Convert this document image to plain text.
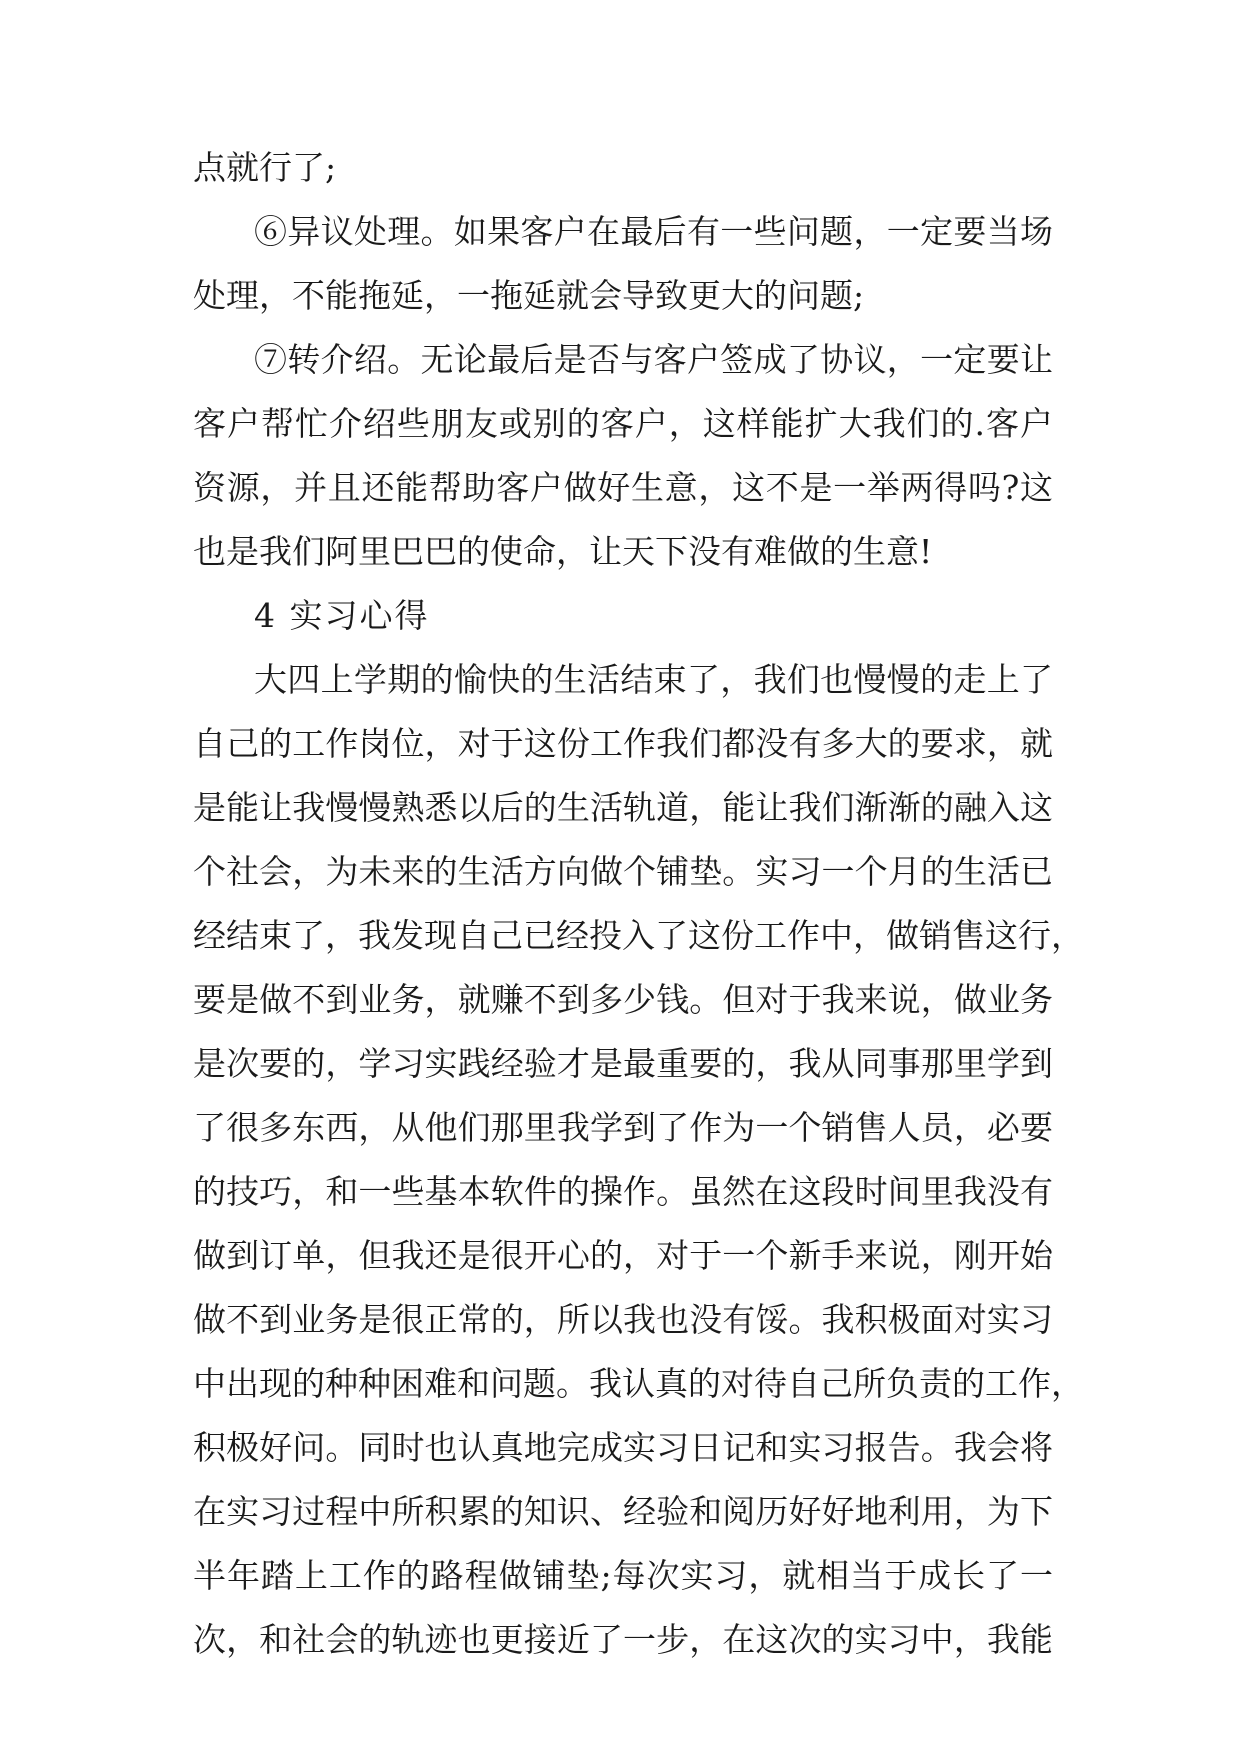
点就行了;
⑥异议处理。如果客户在最后有一些问题，一定要当场
处理，不能拖延，一拖延就会导致更大的问题;
⑦转介绍。无论最后是否与客户签成了协议，一定要让
客户帮忙介绍些朋友或别的客户，这样能扩大我们的.客户
资源，并且还能帮助客户做好生意，这不是一举两得吗?这
也是我们阿里巴巴的使命，让天下没有难做的生意!
4 实习心得
大四上学期的愉快的生活结束了，我们也慢慢的走上了
自己的工作岗位，对于这份工作我们都没有多大的要求，就
是能让我慢慢熟悉以后的生活轨道，能让我们渐渐的融入这
个社会，为未来的生活方向做个铺垫。实习一个月的生活已
经结束了，我发现自己已经投入了这份工作中，做销售这行，
要是做不到业务，就赚不到多少钱。但对于我来说，做业务
是次要的，学习实践经验才是最重要的，我从同事那里学到
了很多东西，从他们那里我学到了作为一个销售人员，必要
的技巧，和一些基本软件的操作。虽然在这段时间里我没有
做到订单，但我还是很开心的，对于一个新手来说，刚开始
做不到业务是很正常的，所以我也没有馁。我积极面对实习
中出现的种种困难和问题。我认真的对待自己所负责的工作，
积极好问。同时也认真地完成实习日记和实习报告。我会将
在实习过程中所积累的知识、经验和阅历好好地利用，为下
半年踏上工作的路程做铺垫;每次实习，就相当于成长了一
次，和社会的轨迹也更接近了一步，在这次的实习中，我能
